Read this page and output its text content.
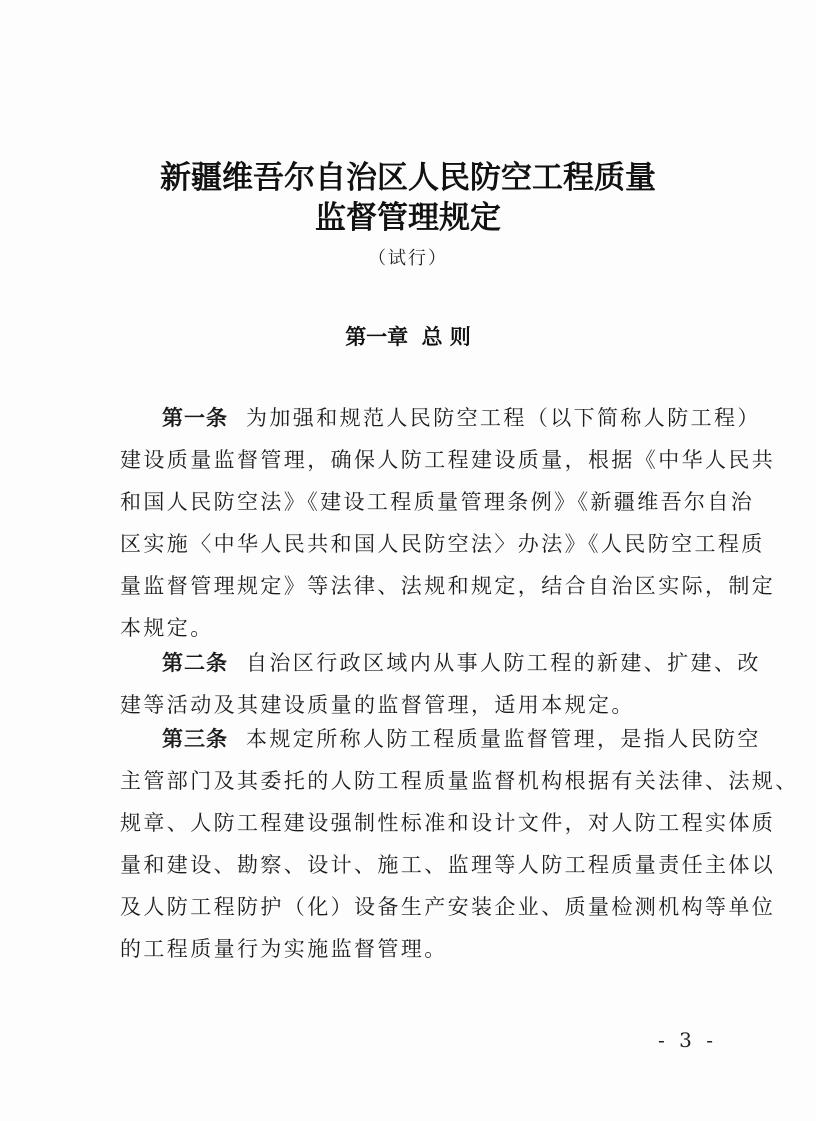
新疆维吾尔自治区人民防空工程质量
监督管理规定
（试行）
第一章 总 则
第一条 为加强和规范人民防空工程（以下简称人防工程）
建设质量监督管理，确保人防工程建设质量，根据《中华人民共
和国人民防空法》《建设工程质量管理条例》《新疆维吾尔自治
区实施〈中华人民共和国人民防空法〉办法》《人民防空工程质
量监督管理规定》等法律、法规和规定，结合自治区实际，制定
本规定。
第二条 自治区行政区域内从事人防工程的新建、扩建、改
建等活动及其建设质量的监督管理，适用本规定。
第三条 本规定所称人防工程质量监督管理，是指人民防空
主管部门及其委托的人防工程质量监督机构根据有关法律、法规、
规章、人防工程建设强制性标准和设计文件，对人防工程实体质
量和建设、勘察、设计、施工、监理等人防工程质量责任主体以
及人防工程防护（化）设备生产安装企业、质量检测机构等单位
的工程质量行为实施监督管理。
- 3 -
